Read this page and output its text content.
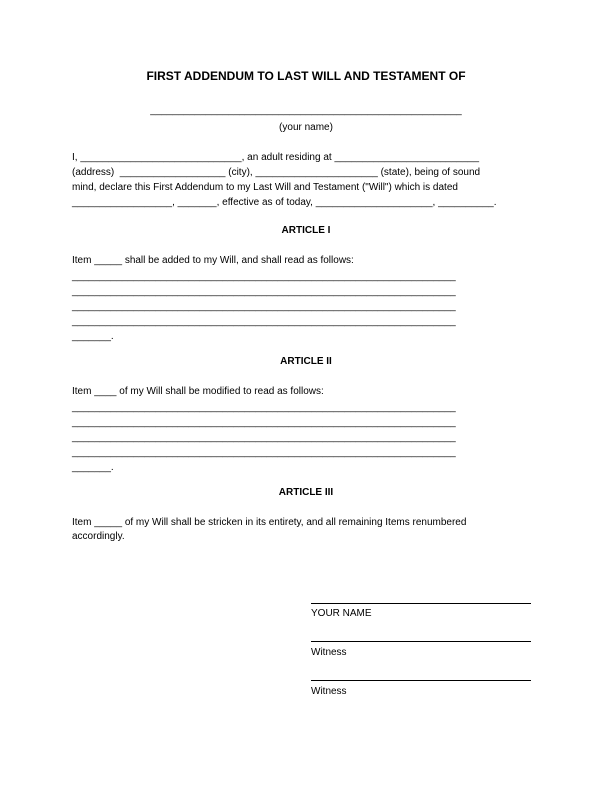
FIRST ADDENDUM TO LAST WILL AND TESTAMENT OF
________________________________________________________
(your name)
I, _____________________________, an adult residing at __________________________
(address)  ___________________ (city), ______________________ (state), being of sound
mind, declare this First Addendum to my Last Will and Testament ("Will") which is dated
__________________, _______, effective as of today, _____________________, __________.
ARTICLE I
Item _____ shall be added to my Will, and shall read as follows:
_____________________________________________________________________
_____________________________________________________________________
_____________________________________________________________________
_____________________________________________________________________
_______.
ARTICLE II
Item ____ of my Will shall be modified to read as follows:
_____________________________________________________________________
_____________________________________________________________________
_____________________________________________________________________
_____________________________________________________________________
_______.
ARTICLE III
Item _____ of my Will shall be stricken in its entirety, and all remaining Items renumbered
accordingly.
YOUR NAME
Witness
Witness
